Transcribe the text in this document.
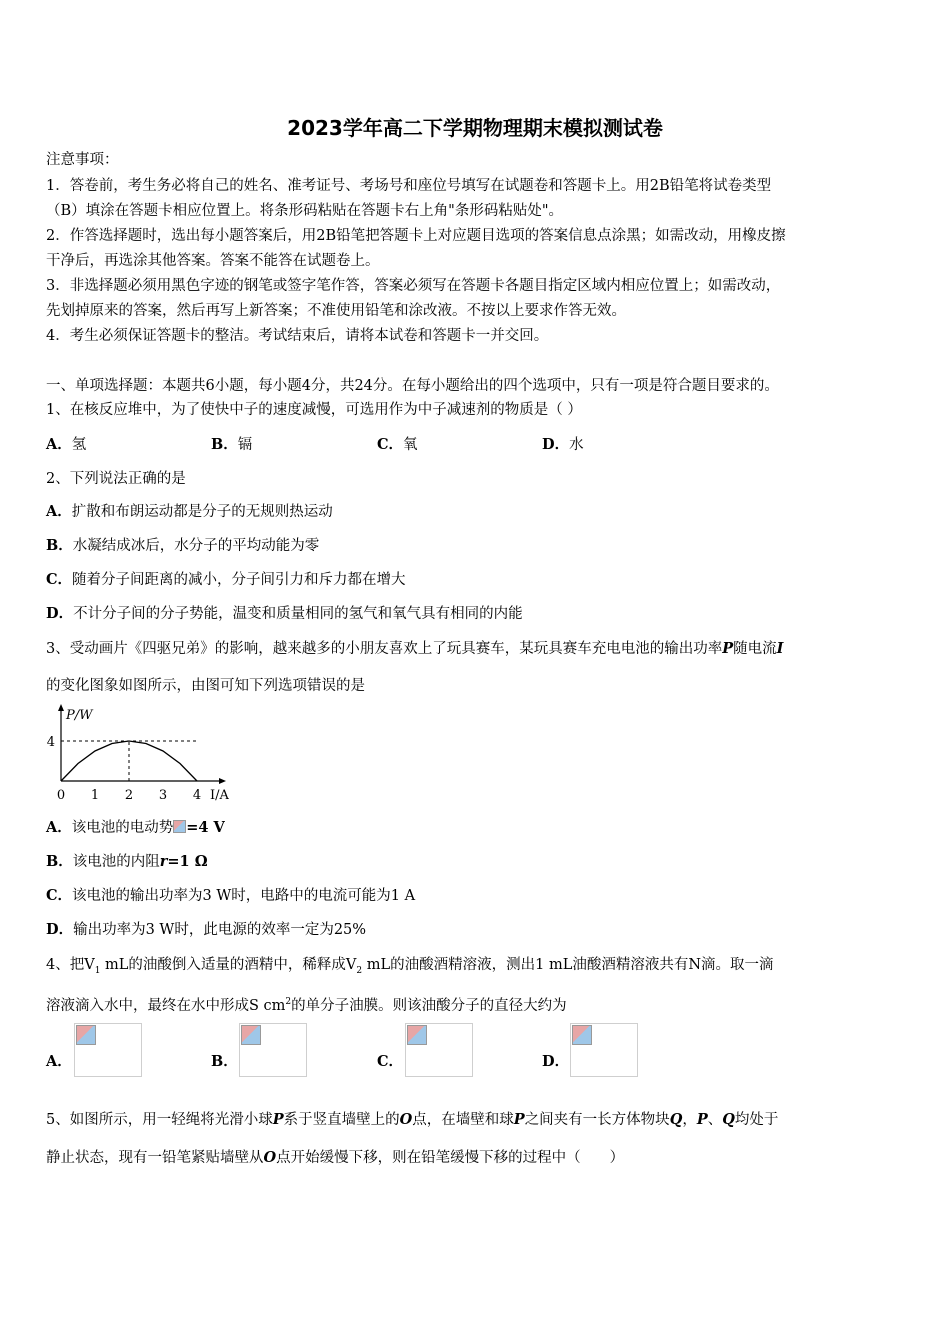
2023学年高二下学期物理期末模拟测试卷
注意事项：
1．答卷前，考生务必将自己的姓名、准考证号、考场号和座位号填写在试题卷和答题卡上。用2B铅笔将试卷类型
（B）填涂在答题卡相应位置上。将条形码粘贴在答题卡右上角"条形码粘贴处"。
2．作答选择题时，选出每小题答案后，用2B铅笔把答题卡上对应题目选项的答案信息点涂黑；如需改动，用橡皮擦
干净后，再选涂其他答案。答案不能答在试题卷上。
3．非选择题必须用黑色字迹的钢笔或签字笔作答，答案必须写在答题卡各题目指定区域内相应位置上；如需改动，
先划掉原来的答案，然后再写上新答案；不准使用铅笔和涂改液。不按以上要求作答无效。
4．考生必须保证答题卡的整洁。考试结束后，请将本试卷和答题卡一并交回。
一、单项选择题：本题共6小题，每小题4分，共24分。在每小题给出的四个选项中，只有一项是符合题目要求的。
1、在核反应堆中，为了使快中子的速度减慢，可选用作为中子减速剂的物质是（ ）
A．氢	B．镉	C．氧	D．水
2、下列说法正确的是
A．扩散和布朗运动都是分子的无规则热运动
B．水凝结成冰后，水分子的平均动能为零
C．随着分子间距离的减小，分子间引力和斥力都在增大
D．不计分子间的分子势能，温变和质量相同的氢气和氧气具有相同的内能
3、受动画片《四驱兄弟》的影响，越来越多的小朋友喜欢上了玩具赛车，某玩具赛车充电电池的输出功率P随电流I
的变化图象如图所示，由图可知下列选项错误的是
0 1 2 3 4
4
P/W
I/A
A．该电池的电动势 =4 V
B．该电池的内阻r=1 Ω
C．该电池的输出功率为3 W时，电路中的电流可能为1 A
D．输出功率为3 W时，此电源的效率一定为25%
4、把$V_1$ mL的油酸倒入适量的酒精中，稀释成$V_2$ mL的油酸酒精溶液，测出1 mL油酸酒精溶液共有N滴。取一滴
溶液滴入水中，最终在水中形成S $cm^2$的单分子油膜。则该油酸分子的直径大约为
A．	B．	C．	D．
5、如图所示，用一轻绳将光滑小球P系于竖直墙壁上的O点，在墙壁和球P之间夹有一长方体物块Q，P、Q均处于
静止状态，现有一铅笔紧贴墙壁从O点开始缓慢下移，则在铅笔缓慢下移的过程中（　　）
